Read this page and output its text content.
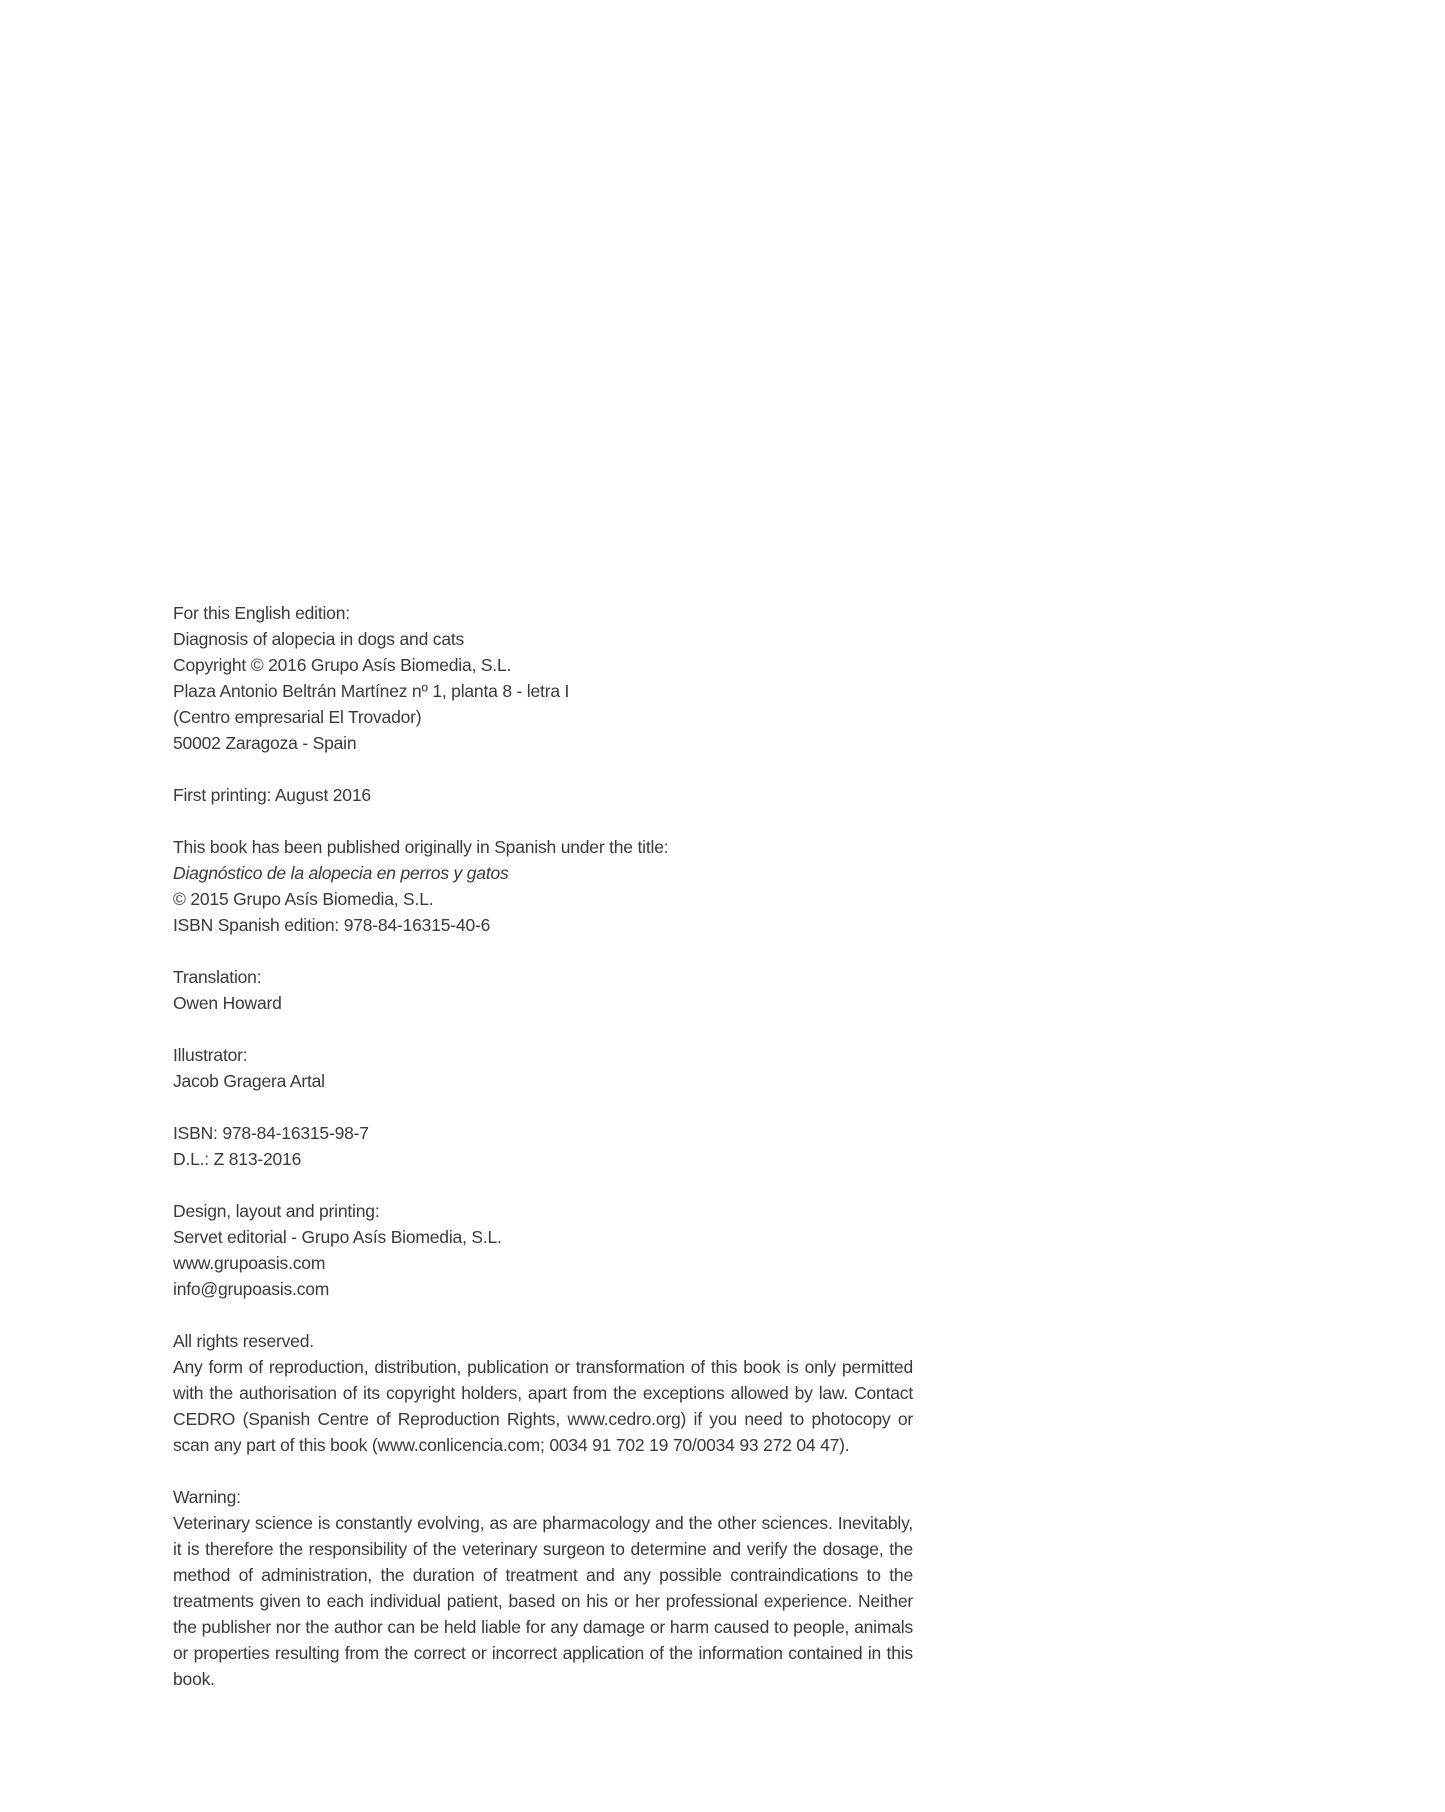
For this English edition:

Diagnosis of alopecia in dogs and cats

Copyright © 2016 Grupo Asís Biomedia, S.L.

Plaza Antonio Beltrán Martínez nº 1, planta 8 - letra I

(Centro empresarial El Trovador)

50002 Zaragoza - Spain

First printing: August 2016

This book has been published originally in Spanish under the title:

Diagnóstico de la alopecia en perros y gatos

© 2015 Grupo Asís Biomedia, S.L.

ISBN Spanish edition: 978-84-16315-40-6

Translation:

Owen Howard

Illustrator:

Jacob Gragera Artal

ISBN: 978-84-16315-98-7

D.L.: Z 813-2016

Design, layout and printing:

Servet editorial - Grupo Asís Biomedia, S.L.

www.grupoasis.com

info@grupoasis.com

All rights reserved.

Any form of reproduction, distribution, publication or transformation of this book is only permitted with the authorisation of its copyright holders, apart from the exceptions allowed by law. Contact CEDRO (Spanish Centre of Reproduction Rights, www.cedro.org) if you need to photocopy or scan any part of this book (www.conlicencia.com; 0034 91 702 19 70/0034 93 272 04 47).

Warning:

Veterinary science is constantly evolving, as are pharmacology and the other sciences. Inevitably, it is therefore the responsibility of the veterinary surgeon to determine and verify the dosage, the method of administration, the duration of treatment and any possible contraindications to the treatments given to each individual patient, based on his or her professional experience. Neither the publisher nor the author can be held liable for any damage or harm caused to people, animals or properties resulting from the correct or incorrect application of the information contained in this book.
